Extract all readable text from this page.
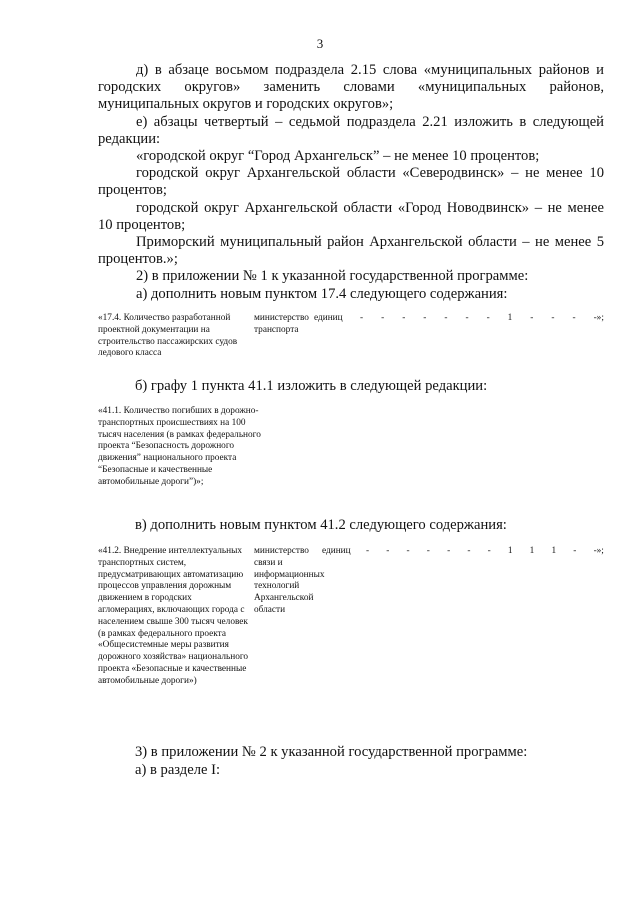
3

д) в абзаце восьмом подраздела 2.15 слова «муниципальных районов и городских округов» заменить словами «муниципальных районов, муниципальных округов и городских округов»;

е) абзацы четвертый – седьмой подраздела 2.21 изложить в следующей редакции:

«городской округ “Город Архангельск” – не менее 10 процентов;

городской округ Архангельской области «Северодвинск» – не менее 10 процентов;

городской округ Архангельской области «Город Новодвинск» – не менее 10 процентов;

Приморский муниципальный район Архангельской области – не менее 5 процентов.»;

2) в приложении № 1 к указанной государственной программе:

а) дополнить новым пунктом 17.4 следующего содержания:

«17.4. Количество разработанной проектной документации на строительство пассажирских судов ледового класса
министерство транспорта
единиц	- - - - - - - 1 - - - -»;
б) графу 1 пункта 41.1 изложить в следующей редакции:
«41.1. Количество погибших в дорожно-транспортных происшествиях на 100 тысяч населения (в рамках федерального проекта “Безопасность дорожного движения” национального проекта “Безопасные и качественные автомобильные дороги”)»;
в) дополнить новым пунктом 41.2 следующего содержания:
«41.2. Внедрение интеллектуальных транспортных систем, предусматривающих автоматизацию процессов управления дорожным движением в городских агломерациях, включающих города с населением свыше 300 тысяч человек (в рамках федерального проекта «Общесистемные меры развития дорожного хозяйства» национального проекта «Безопасные и качественные автомобильные дороги»)
министерство связи и информационных технологий Архангельской области
единиц	- - - - - - - 1 1 1 - -»;
3) в приложении № 2 к указанной государственной программе:
а) в разделе I:
